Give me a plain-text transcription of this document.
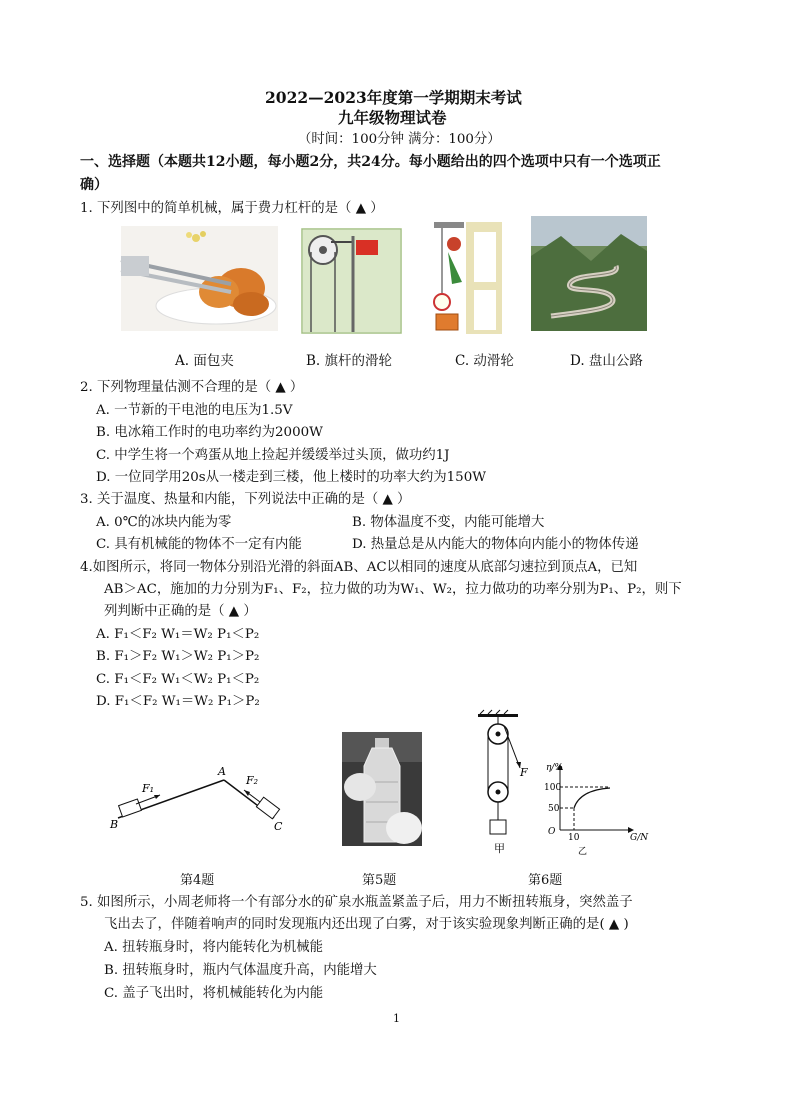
2022—2023年度第一学期期末考试
九年级物理试卷
（时间：100分钟 满分：100分）
一、选择题（本题共12小题，每小题2分，共24分。每小题给出的四个选项中只有一个选项正
确）
1. 下列图中的简单机械，属于费力杠杆的是（ ▲ ）
A. 面包夹	B. 旗杆的滑轮	C. 动滑轮	D. 盘山公路
2. 下列物理量估测不合理的是（ ▲ ）
A. 一节新的干电池的电压为1.5V
B. 电冰箱工作时的电功率约为2000W
C. 中学生将一个鸡蛋从地上捡起并缓缓举过头顶，做功约1J
D. 一位同学用20s从一楼走到三楼，他上楼时的功率大约为150W
3. 关于温度、热量和内能，下列说法中正确的是（ ▲ ）
A. 0℃的冰块内能为零	B. 物体温度不变，内能可能增大
C. 具有机械能的物体不一定有内能	D. 热量总是从内能大的物体向内能小的物体传递
4.如图所示，将同一物体分别沿光滑的斜面AB、AC以相同的速度从底部匀速拉到顶点A，已知
AB＞AC，施加的力分别为F₁、F₂，拉力做的功为W₁、W₂，拉力做功的功率分别为P₁、P₂，则下
列判断中正确的是（ ▲ ）
A. F₁＜F₂ W₁＝W₂ P₁＜P₂
B. F₁＞F₂ W₁＞W₂ P₁＞P₂
C. F₁＜F₂ W₁＜W₂ P₁＜P₂
D. F₁＜F₂ W₁＝W₂ P₁＞P₂
F₁
F₂
A
B	C
F
甲
η/%
G/N
100
50
O
10
乙
第4题	第5题	第6题
5. 如图所示，小周老师将一个有部分水的矿泉水瓶盖紧盖子后，用力不断扭转瓶身，突然盖子
飞出去了，伴随着响声的同时发现瓶内还出现了白雾，对于该实验现象判断正确的是( ▲ )
A. 扭转瓶身时，将内能转化为机械能
B. 扭转瓶身时，瓶内气体温度升高，内能增大
C. 盖子飞出时，将机械能转化为内能
1
